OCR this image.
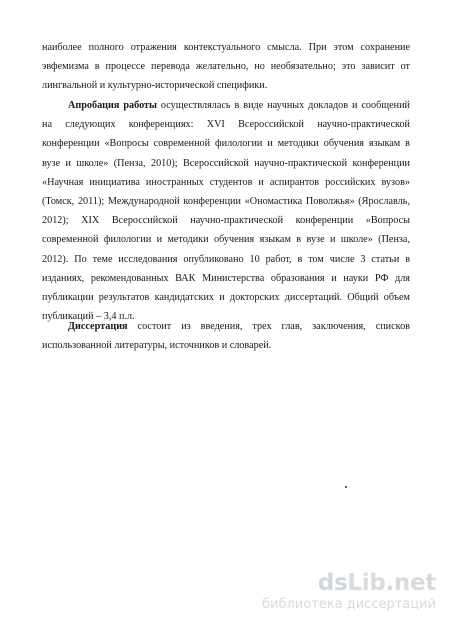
наиболее полного отражения контекстуального смысла. При этом сохранение эвфемизма в процессе перевода желательно, но необязательно; это зависит от лингвальной и культурно-исторической специфики.

Апробация работы осуществлялась в виде научных докладов и сообщений на следующих конференциях: XVI Всероссийской научно-практической конференции «Вопросы современной филологии и методики обучения языкам в вузе и школе» (Пенза, 2010); Всероссийской научно-практической конференции «Научная инициатива иностранных студентов и аспирантов российских вузов» (Томск, 2011); Международной конференции «Ономастика Поволжья» (Ярославль, 2012); XIX Всероссийской научно-практической конференции «Вопросы современной филологии и методики обучения языкам в вузе и школе» (Пенза, 2012). По теме исследования опубликовано 10 работ, в том числе 3 статьи в изданиях, рекомендованных ВАК Министерства образования и науки РФ для публикации результатов кандидатских и докторских диссертаций. Общий объем публикаций – 3,4 п.л.

Диссертация состоит из введения, трех глав, заключения, списков использованной литературы, источников и словарей.

dsLib.net
библиотека диссертаций
